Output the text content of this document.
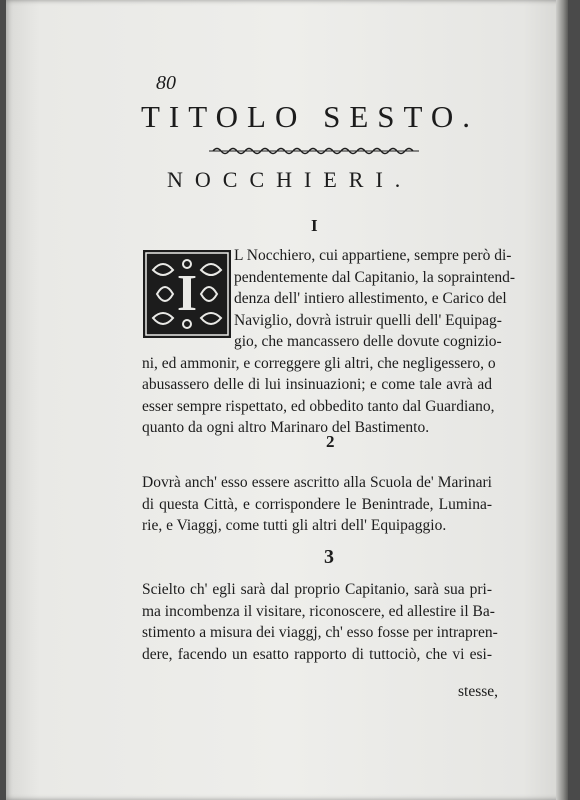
80
TITOLO SESTO.
NOCCHIERI.
I
I
L Nocchiero, cui appartiene, sempre però di-
pendentemente dal Capitanio, la sopraintend-
denza dell' intiero allestimento, e Carico del
Naviglio, dovrà istruir quelli dell' Equipag-
gio, che mancassero delle dovute cognizio-
ni, ed ammonir, e correggere gli altri, che negligessero, o
abusassero delle di lui insinuazioni; e come tale avrà ad
esser sempre rispettato, ed obbedito tanto dal Guardiano,
quanto da ogni altro Marinaro del Bastimento.
2
Dovrà anch' esso essere ascritto alla Scuola de' Marinari
di questa Città, e corrispondere le Benintrade, Lumina-
rie, e Viaggj, come tutti gli altri dell' Equipaggio.
3
Scielto ch' egli sarà dal proprio Capitanio, sarà sua pri-
ma incombenza il visitare, riconoscere, ed allestire il Ba-
stimento a misura dei viaggj, ch' esso fosse per intrapren-
dere, facendo un esatto rapporto di tuttociò, che vi esi-
stesse,
